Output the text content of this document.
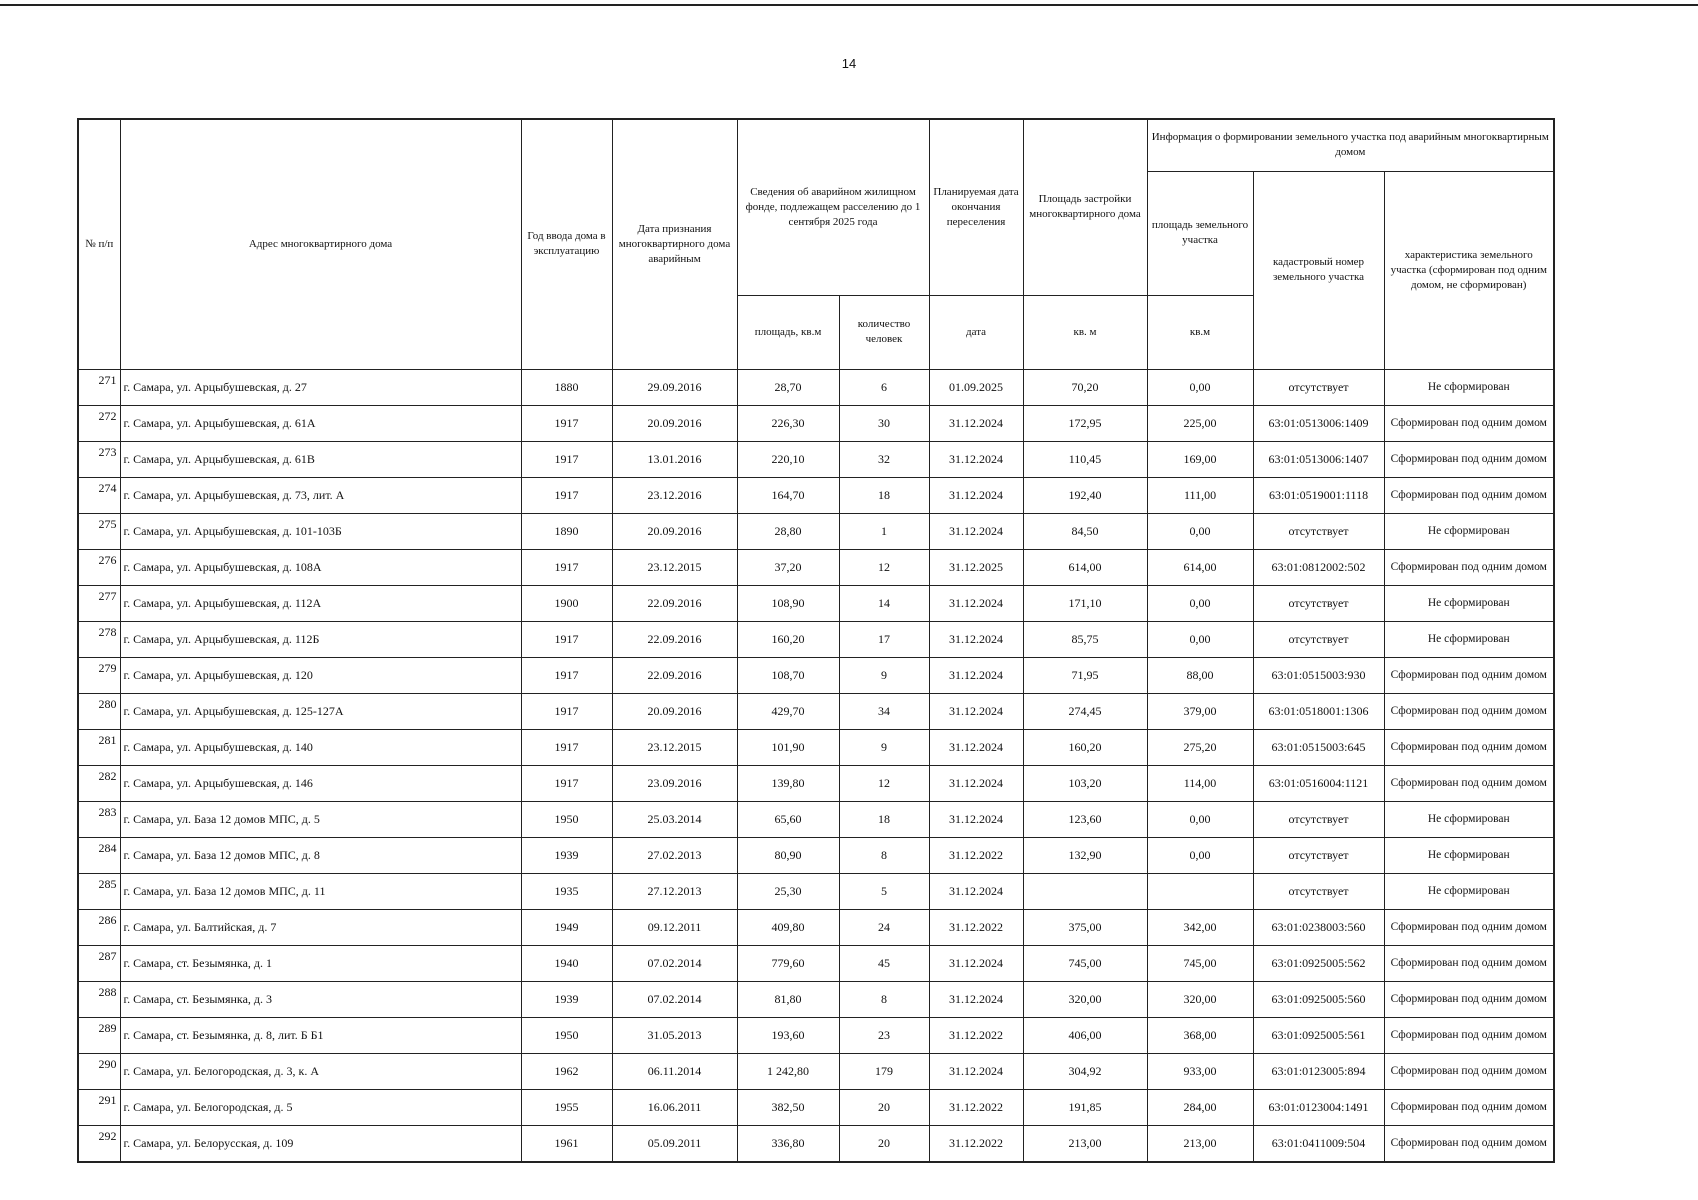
14
№ п/п	Адрес многоквартирного дома	Год ввода дома в эксплуатацию	Дата признания многоквартирного дома аварийным	Сведения об аварийном жилищном фонде, подлежащем расселению до 1 сентября 2025 года		Планируемая дата окончания переселения	Площадь застройки многоквартирного дома	Информация о формировании земельного участка под аварийным многоквартирным домом		
								площадь земельного участка	кадастровый номер земельного участка	характеристика земельного участка (сформирован под одним домом, не сформирован)
				площадь, кв.м	количество человек	дата	кв. м	кв.м		
271	г. Самара, ул. Арцыбушевская, д. 27	1880	29.09.2016	28,70	6	01.09.2025	70,20	0,00	отсутствует	Не сформирован
272	г. Самара, ул. Арцыбушевская, д. 61А	1917	20.09.2016	226,30	30	31.12.2024	172,95	225,00	63:01:0513006:1409	Сформирован под одним домом
273	г. Самара, ул. Арцыбушевская, д. 61В	1917	13.01.2016	220,10	32	31.12.2024	110,45	169,00	63:01:0513006:1407	Сформирован под одним домом
274	г. Самара, ул. Арцыбушевская, д. 73, лит. А	1917	23.12.2016	164,70	18	31.12.2024	192,40	111,00	63:01:0519001:1118	Сформирован под одним домом
275	г. Самара, ул. Арцыбушевская, д. 101-103Б	1890	20.09.2016	28,80	1	31.12.2024	84,50	0,00	отсутствует	Не сформирован
276	г. Самара, ул. Арцыбушевская, д. 108А	1917	23.12.2015	37,20	12	31.12.2025	614,00	614,00	63:01:0812002:502	Сформирован под одним домом
277	г. Самара, ул. Арцыбушевская, д. 112А	1900	22.09.2016	108,90	14	31.12.2024	171,10	0,00	отсутствует	Не сформирован
278	г. Самара, ул. Арцыбушевская, д. 112Б	1917	22.09.2016	160,20	17	31.12.2024	85,75	0,00	отсутствует	Не сформирован
279	г. Самара, ул. Арцыбушевская, д. 120	1917	22.09.2016	108,70	9	31.12.2024	71,95	88,00	63:01:0515003:930	Сформирован под одним домом
280	г. Самара, ул. Арцыбушевская, д. 125-127А	1917	20.09.2016	429,70	34	31.12.2024	274,45	379,00	63:01:0518001:1306	Сформирован под одним домом
281	г. Самара, ул. Арцыбушевская, д. 140	1917	23.12.2015	101,90	9	31.12.2024	160,20	275,20	63:01:0515003:645	Сформирован под одним домом
282	г. Самара, ул. Арцыбушевская, д. 146	1917	23.09.2016	139,80	12	31.12.2024	103,20	114,00	63:01:0516004:1121	Сформирован под одним домом
283	г. Самара, ул. База 12 домов МПС, д. 5	1950	25.03.2014	65,60	18	31.12.2024	123,60	0,00	отсутствует	Не сформирован
284	г. Самара, ул. База 12 домов МПС, д. 8	1939	27.02.2013	80,90	8	31.12.2022	132,90	0,00	отсутствует	Не сформирован
285	г. Самара, ул. База 12 домов МПС, д. 11	1935	27.12.2013	25,30	5	31.12.2024			отсутствует	Не сформирован
286	г. Самара, ул. Балтийская, д. 7	1949	09.12.2011	409,80	24	31.12.2022	375,00	342,00	63:01:0238003:560	Сформирован под одним домом
287	г. Самара, ст. Безымянка, д. 1	1940	07.02.2014	779,60	45	31.12.2024	745,00	745,00	63:01:0925005:562	Сформирован под одним домом
288	г. Самара, ст. Безымянка, д. 3	1939	07.02.2014	81,80	8	31.12.2024	320,00	320,00	63:01:0925005:560	Сформирован под одним домом
289	г. Самара, ст. Безымянка, д. 8, лит. Б Б1	1950	31.05.2013	193,60	23	31.12.2022	406,00	368,00	63:01:0925005:561	Сформирован под одним домом
290	г. Самара, ул. Белогородская, д. 3, к. А	1962	06.11.2014	1 242,80	179	31.12.2024	304,92	933,00	63:01:0123005:894	Сформирован под одним домом
291	г. Самара, ул. Белогородская, д. 5	1955	16.06.2011	382,50	20	31.12.2022	191,85	284,00	63:01:0123004:1491	Сформирован под одним домом
292	г. Самара, ул. Белорусская, д. 109	1961	05.09.2011	336,80	20	31.12.2022	213,00	213,00	63:01:0411009:504	Сформирован под одним домом
